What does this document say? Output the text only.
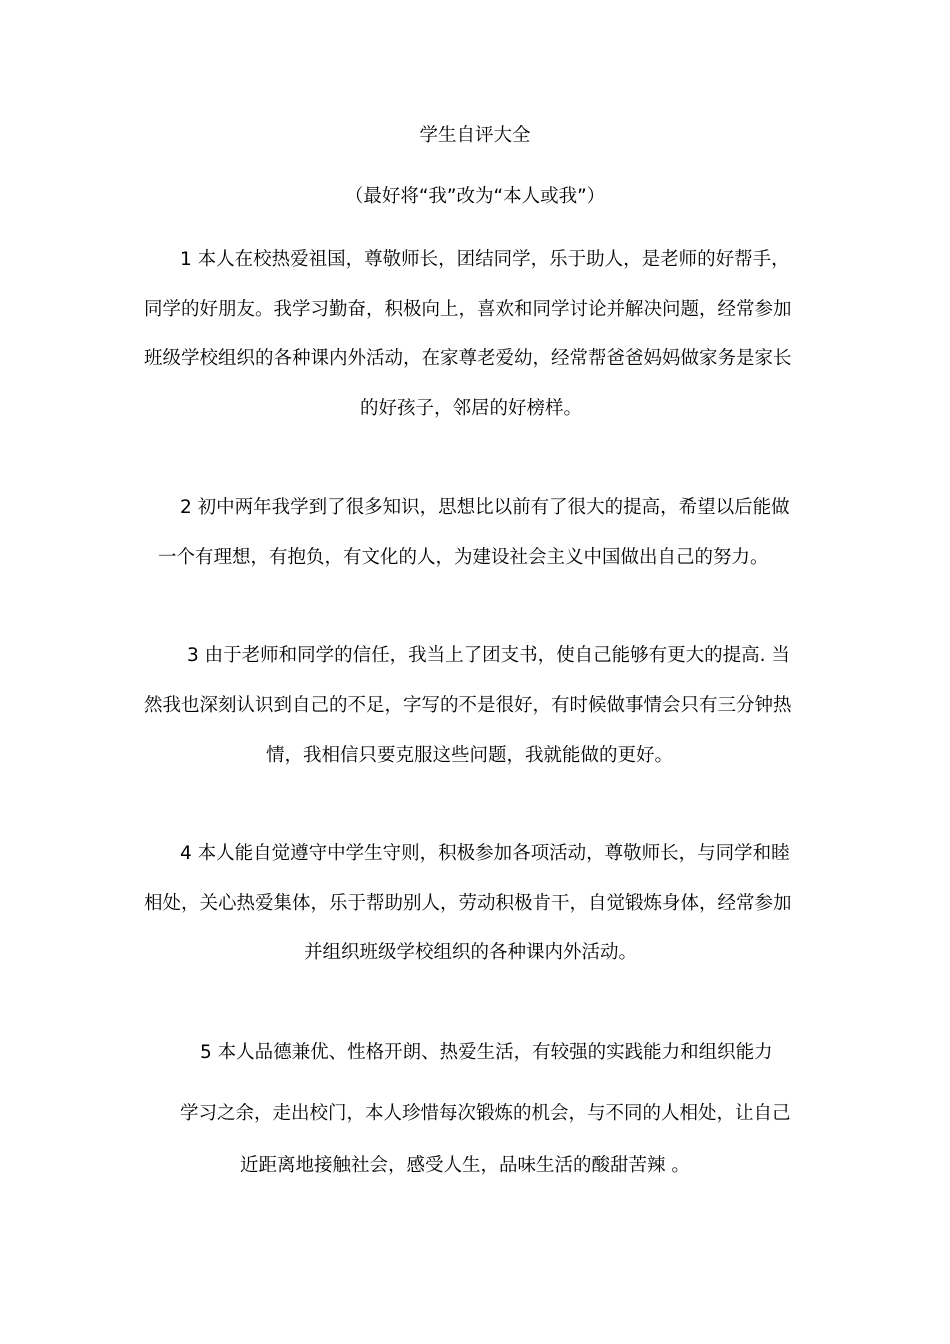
学生自评大全
（最好将“我”改为“本人或我”）
1 本人在校热爱祖国，尊敬师长，团结同学，乐于助人，是老师的好帮手，
同学的好朋友。我学习勤奋，积极向上，喜欢和同学讨论并解决问题，经常参加
班级学校组织的各种课内外活动，在家尊老爱幼，经常帮爸爸妈妈做家务是家长
的好孩子，邻居的好榜样。
2 初中两年我学到了很多知识，思想比以前有了很大的提高，希望以后能做
一个有理想，有抱负，有文化的人，为建设社会主义中国做出自己的努力。
3 由于老师和同学的信任，我当上了团支书，使自己能够有更大的提高. 当
然我也深刻认识到自己的不足，字写的不是很好，有时候做事情会只有三分钟热
情，我相信只要克服这些问题，我就能做的更好。
4 本人能自觉遵守中学生守则，积极参加各项活动，尊敬师长，与同学和睦
相处，关心热爱集体，乐于帮助别人，劳动积极肯干，自觉锻炼身体，经常参加
并组织班级学校组织的各种课内外活动。
5 本人品德兼优、性格开朗、热爱生活，有较强的实践能力和组织能力
学习之余，走出校门，本人珍惜每次锻炼的机会，与不同的人相处，让自己
近距离地接触社会，感受人生，品味生活的酸甜苦辣 。
